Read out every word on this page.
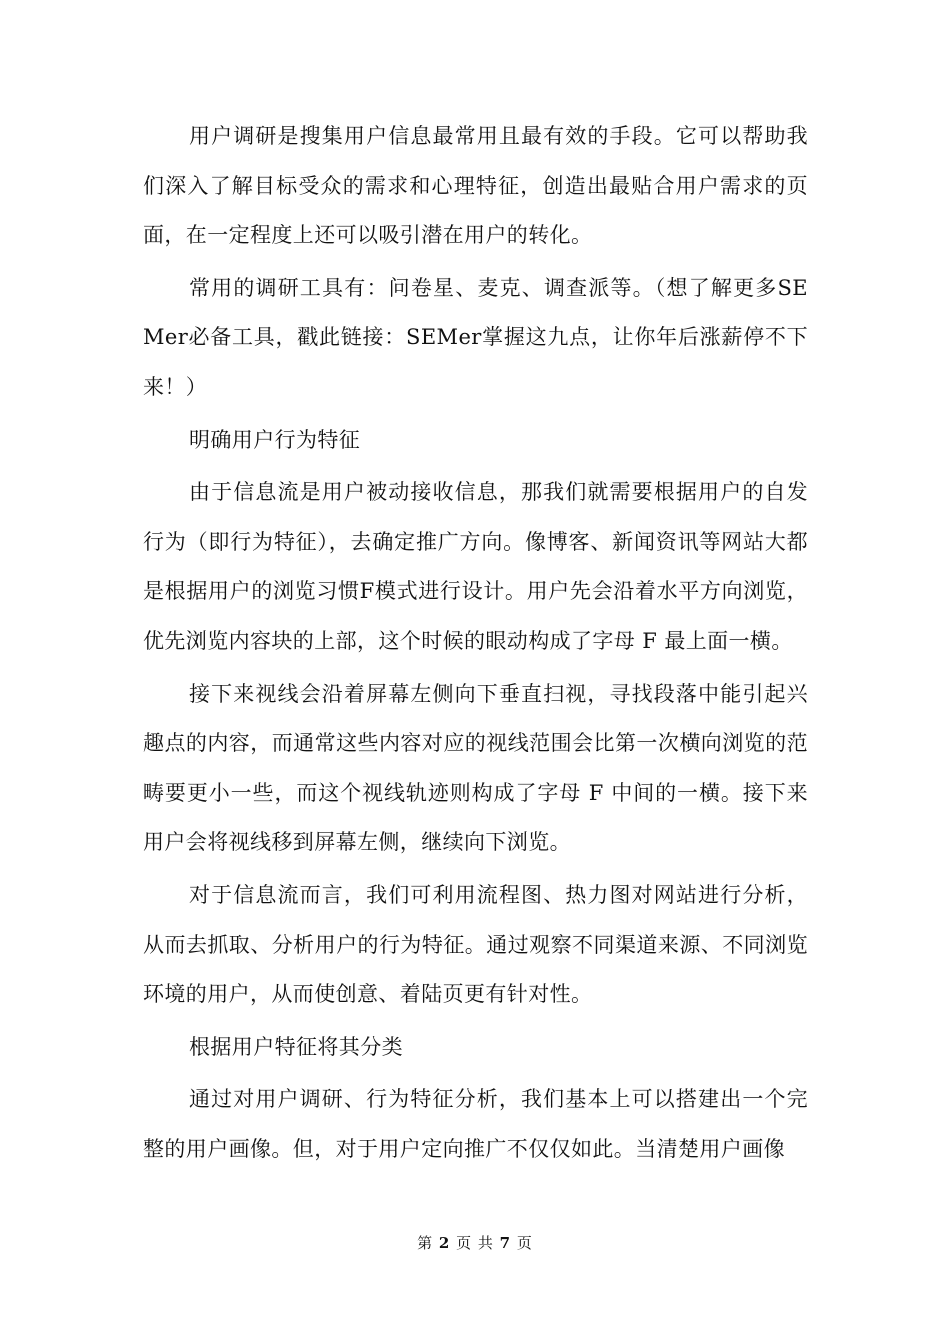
用户调研是搜集用户信息最常用且最有效的手段。它可以帮助我们深入了解目标受众的需求和心理特征，创造出最贴合用户需求的页面，在一定程度上还可以吸引潜在用户的转化。

常用的调研工具有：问卷星、麦克、调查派等。（想了解更多SEMer必备工具，戳此链接：SEMer掌握这九点，让你年后涨薪停不下来！）

明确用户行为特征

由于信息流是用户被动接收信息，那我们就需要根据用户的自发行为（即行为特征），去确定推广方向。像博客、新闻资讯等网站大都是根据用户的浏览习惯F模式进行设计。用户先会沿着水平方向浏览，优先浏览内容块的上部，这个时候的眼动构成了字母 F 最上面一横。

接下来视线会沿着屏幕左侧向下垂直扫视，寻找段落中能引起兴趣点的内容，而通常这些内容对应的视线范围会比第一次横向浏览的范畴要更小一些，而这个视线轨迹则构成了字母 F 中间的一横。接下来用户会将视线移到屏幕左侧，继续向下浏览。

对于信息流而言，我们可利用流程图、热力图对网站进行分析，从而去抓取、分析用户的行为特征。通过观察不同渠道来源、不同浏览环境的用户，从而使创意、着陆页更有针对性。

根据用户特征将其分类

通过对用户调研、行为特征分析，我们基本上可以搭建出一个完整的用户画像。但，对于用户定向推广不仅仅如此。当清楚用户画像

第 2 页 共 7 页
